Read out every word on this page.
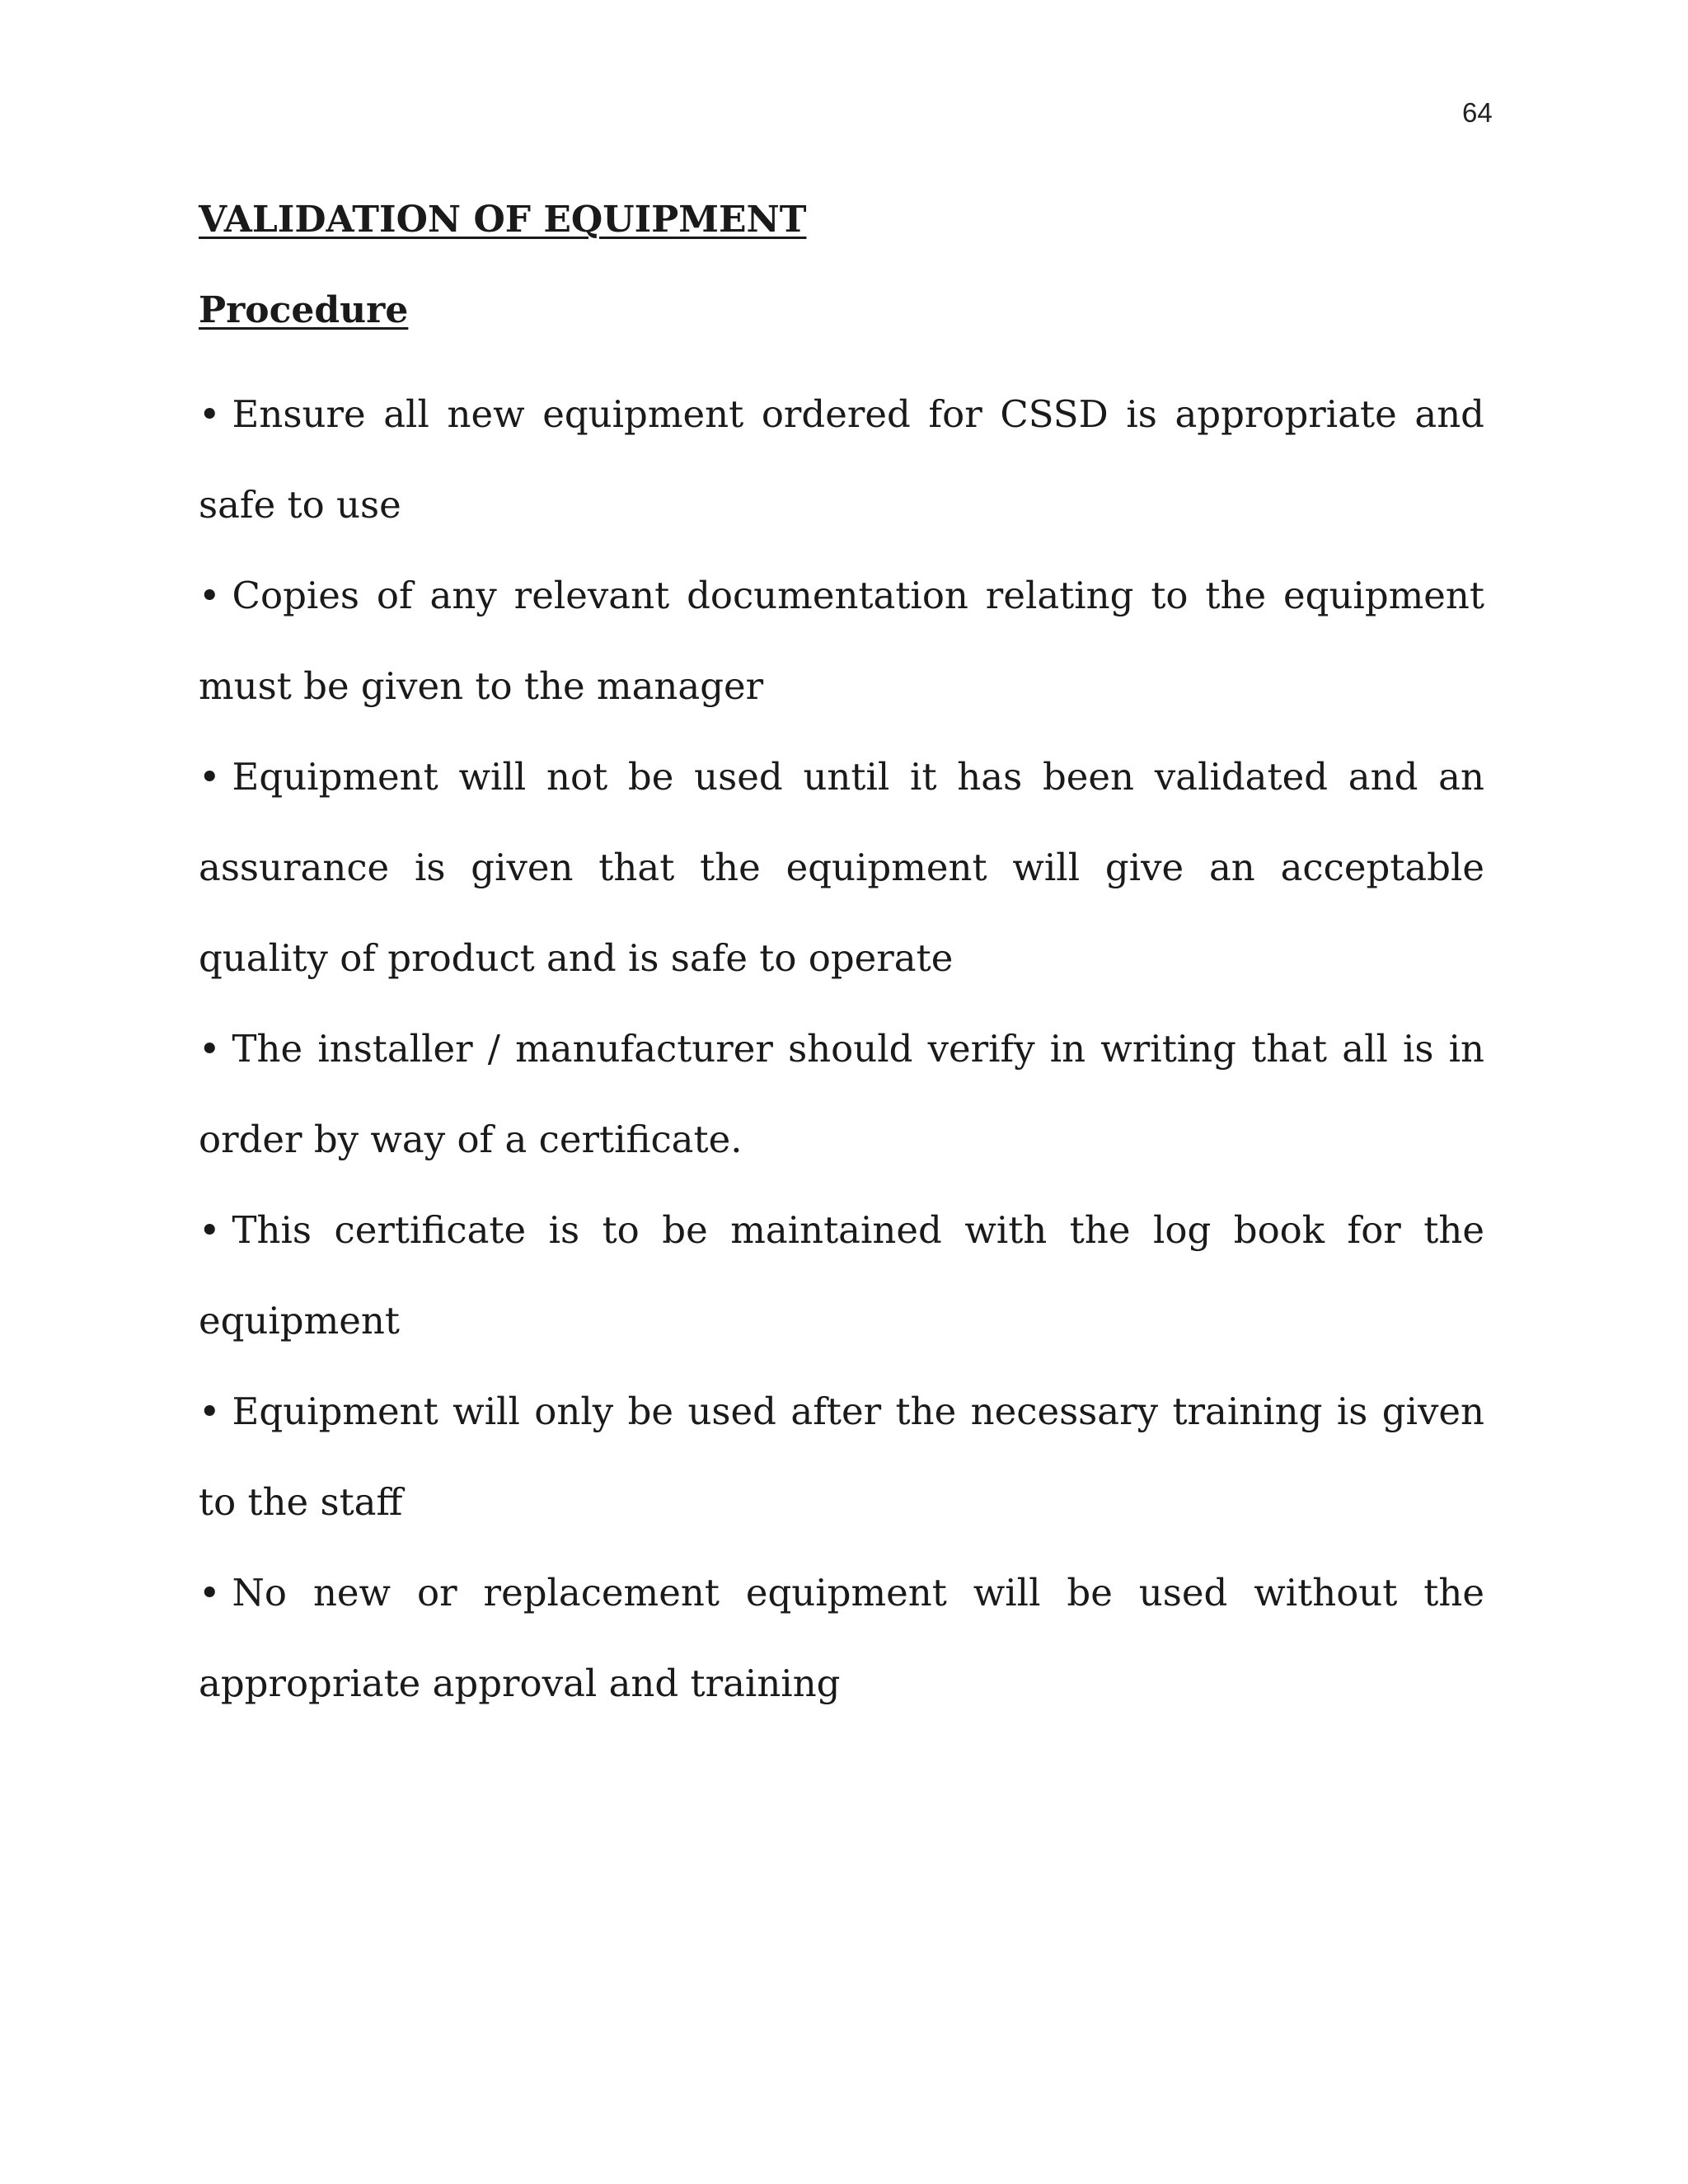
64
VALIDATION OF EQUIPMENT
Procedure
• Ensure all new equipment ordered for CSSD is appropriate and safe to use
• Copies of any relevant documentation relating to the equipment must be given to the manager
• Equipment will not be used until it has been validated and an assurance is given that the equipment will give an acceptable quality of product and is safe to operate
• The installer / manufacturer should verify in writing that all is in order by way of a certificate.
• This certificate is to be maintained with the log book for the equipment
• Equipment will only be used after the necessary training is given to the staff
• No new or replacement equipment will be used without the appropriate approval and training
